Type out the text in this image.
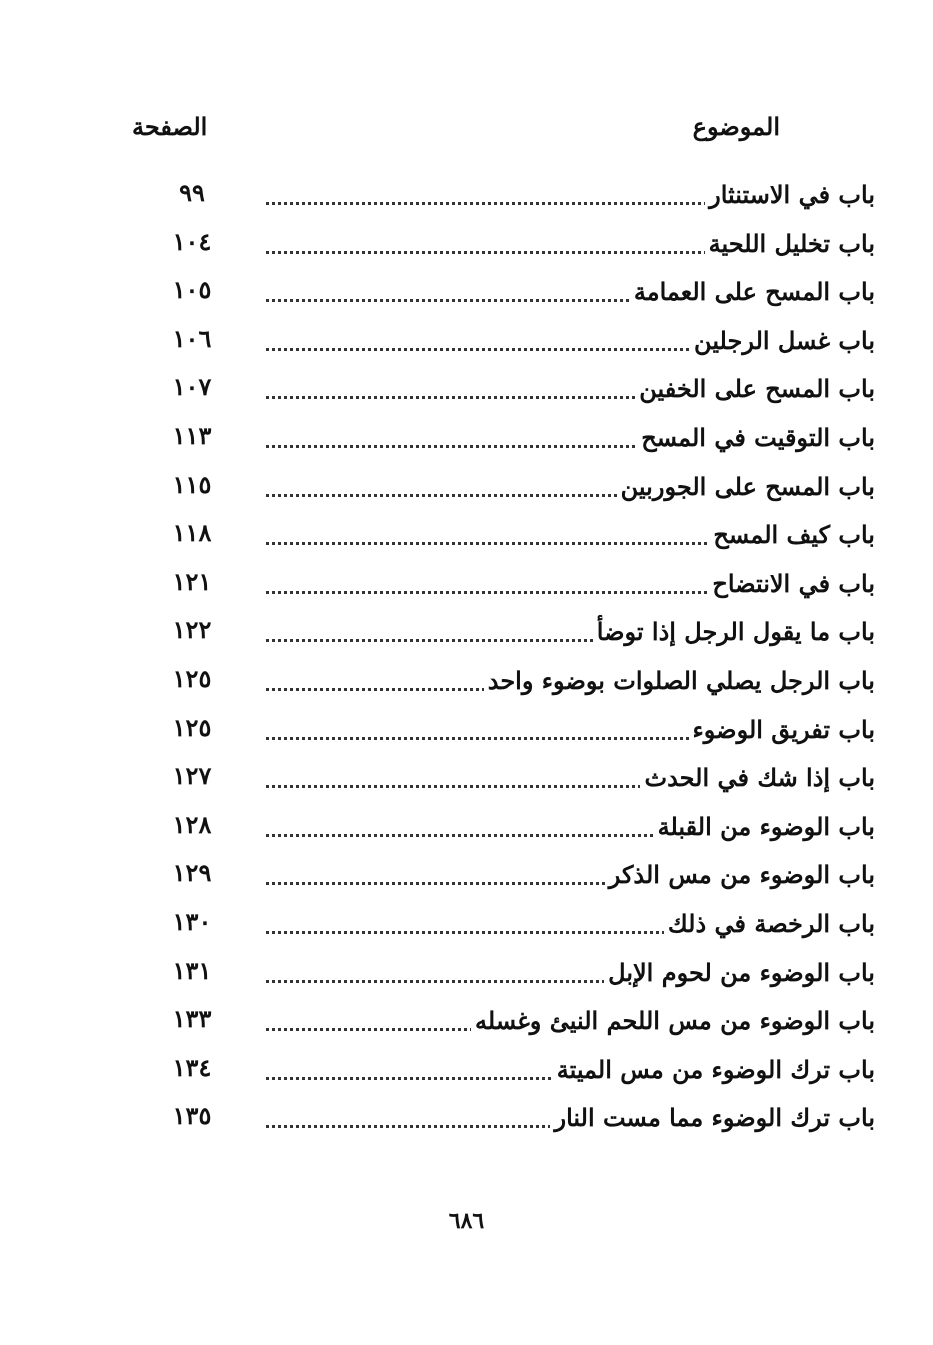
الموضوع
الصفحة
باب في الاستنثار
٩٩
باب تخليل اللحية
١٠٤
باب المسح على العمامة
١٠٥
باب غسل الرجلين
١٠٦
باب المسح على الخفين
١٠٧
باب التوقيت في المسح
١١٣
باب المسح على الجوربين
١١٥
باب كيف المسح
١١٨
باب في الانتضاح
١٢١
باب ما يقول الرجل إذا توضأ
١٢٢
باب الرجل يصلي الصلوات بوضوء واحد
١٢٥
باب تفريق الوضوء
١٢٥
باب إذا شك في الحدث
١٢٧
باب الوضوء من القبلة
١٢٨
باب الوضوء من مس الذكر
١٢٩
باب الرخصة في ذلك
١٣٠
باب الوضوء من لحوم الإبل
١٣١
باب الوضوء من مس اللحم النيئ وغسله
١٣٣
باب ترك الوضوء من مس الميتة
١٣٤
باب ترك الوضوء مما مست النار
١٣٥
٦٨٦
